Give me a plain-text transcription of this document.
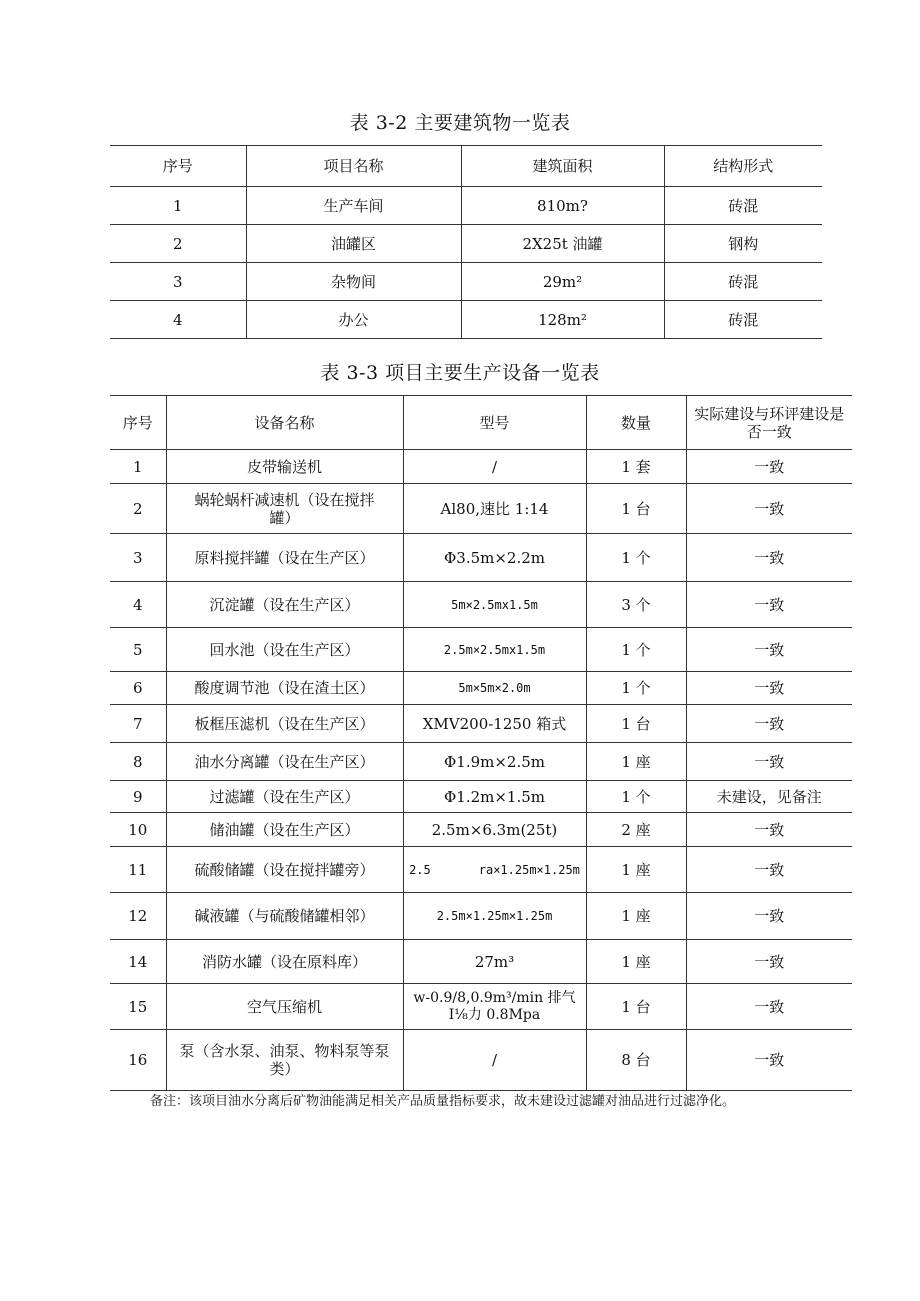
表 3-2 主要建筑物一览表
序号	项目名称	建筑面积	结构形式
1	生产车间	810m?	砖混
2	油罐区	2X25t 油罐	钢构
3	杂物间	29m²	砖混
4	办公	128m²	砖混
表 3-3 项目主要生产设备一览表
序号	设备名称	型号	数量	实际建设与环评建设是否一致
1	皮带输送机	/	1 套	一致
2	蜗轮蜗杆减速机（设在搅拌罐）	Al80,速比 1:14	1 台	一致
3	原料搅拌罐（设在生产区）	Φ3.5m×2.2m	1 个	一致
4	沉淀罐（设在生产区）	5m×2.5mx1.5m	3 个	一致
5	回水池（设在生产区）	2.5m×2.5mx1.5m	1 个	一致
6	酸度调节池（设在渣土区）	5m×5m×2.0m	1 个	一致
7	板框压滤机（设在生产区）	XMV200-1250 箱式	1 台	一致
8	油水分离罐（设在生产区）	Φ1.9m×2.5m	1 座	一致
9	过滤罐（设在生产区）	Φ1.2m×1.5m	1 个	未建设，见备注
10	储油罐（设在生产区）	2.5m×6.3m(25t)	2 座	一致
11	硫酸储罐（设在搅拌罐旁）	2.5　　　　ra×1.25m×1.25m	1 座	一致
12	碱液罐（与硫酸储罐相邻）	2.5m×1.25m×1.25m	1 座	一致
14	消防水罐（设在原料库）	27m³	1 座	一致
15	空气压缩机	w-0.9/8,0.9m³/min 排气 I⅛力 0.8Mpa	1 台	一致
16	泵（含水泵、油泵、物料泵等泵类）	/	8 台	一致
备注：该项目油水分离后矿物油能满足相关产品质量指标要求，故未建设过滤罐对油品进行过滤净化。
